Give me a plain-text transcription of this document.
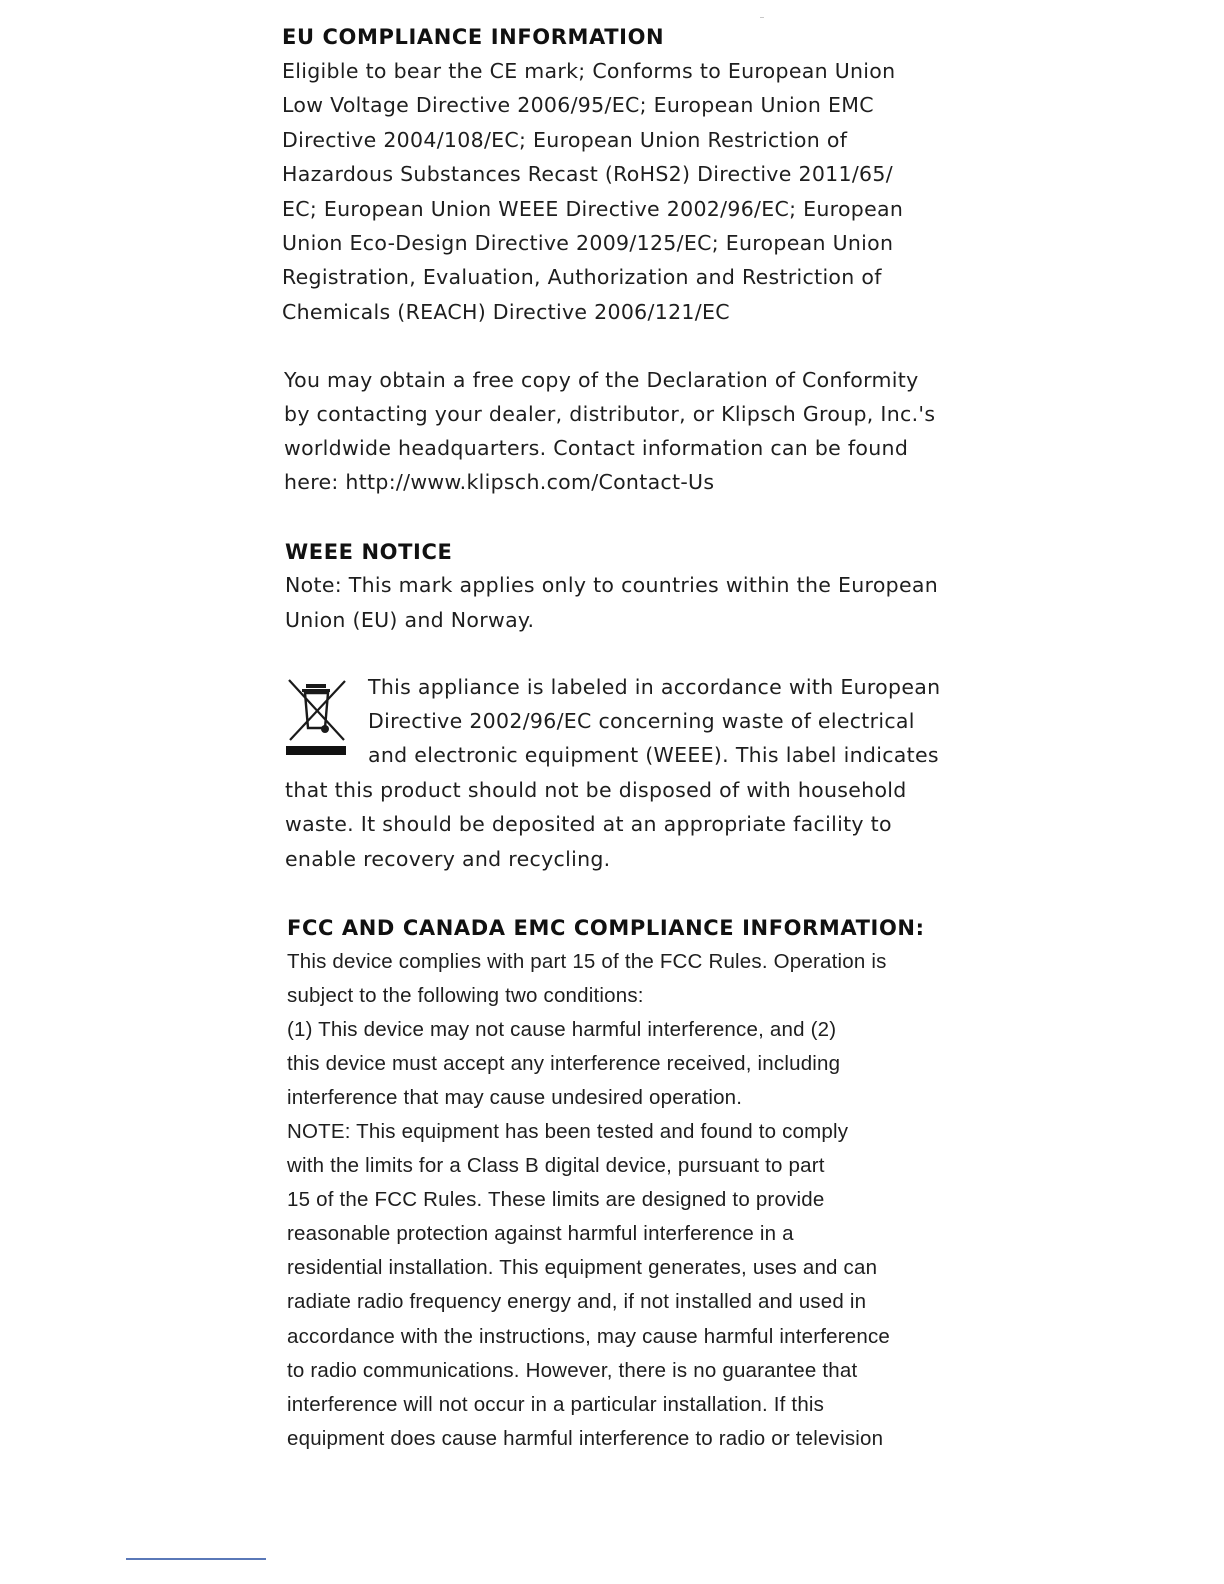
EU COMPLIANCE INFORMATION
Eligible to bear the CE mark; Conforms to European Union
Low Voltage Directive 2006/95/EC; European Union EMC
Directive 2004/108/EC; European Union Restriction of
Hazardous Substances Recast (RoHS2) Directive 2011/65/
EC; European Union WEEE Directive 2002/96/EC; European
Union Eco-Design Directive 2009/125/EC; European Union
Registration, Evaluation, Authorization and Restriction of
Chemicals (REACH) Directive 2006/121/EC
You may obtain a free copy of the Declaration of Conformity
by contacting your dealer, distributor, or Klipsch Group, Inc.'s
worldwide headquarters. Contact information can be found
here: http://www.klipsch.com/Contact-Us
WEEE NOTICE
Note: This mark applies only to countries within the European
Union (EU) and Norway.
This appliance is labeled in accordance with European
Directive 2002/96/EC concerning waste of electrical
and electronic equipment (WEEE). This label indicates
that this product should not be disposed of with household
waste. It should be deposited at an appropriate facility to
enable recovery and recycling.
FCC AND CANADA EMC COMPLIANCE INFORMATION:
This device complies with part 15 of the FCC Rules. Operation is
subject to the following two conditions:
(1) This device may not cause harmful interference, and (2)
this device must accept any interference received, including
interference that may cause undesired operation.
NOTE: This equipment has been tested and found to comply
with the limits for a Class B digital device, pursuant to part
15 of the FCC Rules. These limits are designed to provide
reasonable protection against harmful interference in a
residential installation. This equipment generates, uses and can
radiate radio frequency energy and, if not installed and used in
accordance with the instructions, may cause harmful interference
to radio communications. However, there is no guarantee that
interference will not occur in a particular installation. If this
equipment does cause harmful interference to radio or television
